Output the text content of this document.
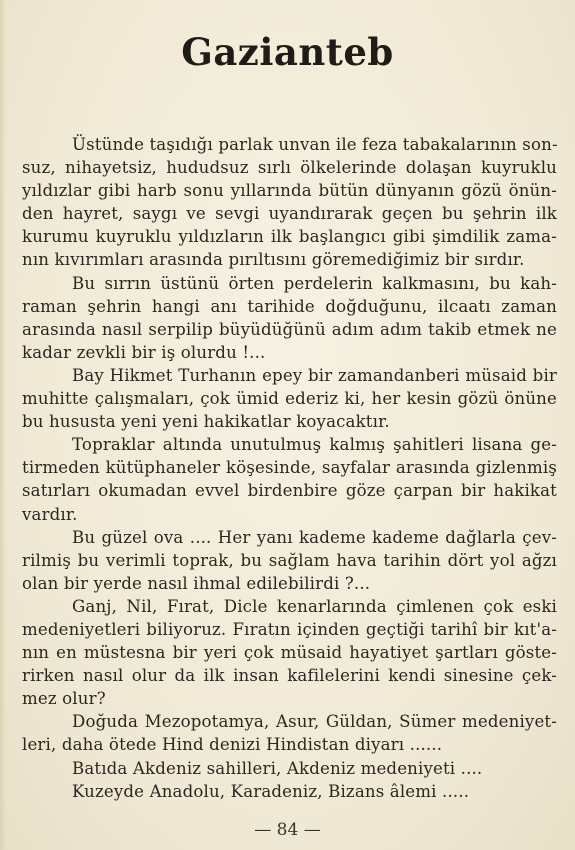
Gazianteb
Üstünde taşıdığı parlak unvan ile feza tabakalarının son-
suz, nihayetsiz, hududsuz sırlı ölkelerinde dolaşan kuyruklu
yıldızlar gibi harb sonu yıllarında bütün dünyanın gözü önün-
den hayret, saygı ve sevgi uyandırarak geçen bu şehrin ilk
kurumu kuyruklu yıldızların ilk başlangıcı gibi şimdilik zama-
nın kıvırımları arasında pırıltısını göremediğimiz bir sırdır.
Bu sırrın üstünü örten perdelerin kalkmasını, bu kah-
raman şehrin hangi anı tarihide doğduğunu, ilcaatı zaman
arasında nasıl serpilip büyüdüğünü adım adım takib etmek ne
kadar zevkli bir iş olurdu !...
Bay Hikmet Turhanın epey bir zamandanberi müsaid bir
muhitte çalışmaları, çok ümid ederiz ki, her kesin gözü önüne
bu hususta yeni yeni hakikatlar koyacaktır.
Topraklar altında unutulmuş kalmış şahitleri lisana ge-
tirmeden kütüphaneler köşesinde, sayfalar arasında gizlenmiş
satırları okumadan evvel birdenbire göze çarpan bir hakikat
vardır.
Bu güzel ova .... Her yanı kademe kademe dağlarla çev-
rilmiş bu verimli toprak, bu sağlam hava tarihin dört yol ağzı
olan bir yerde nasıl ihmal edilebilirdi ?...
Ganj, Nil, Fırat, Dicle kenarlarında çimlenen çok eski
medeniyetleri biliyoruz. Fıratın içinden geçtiği tarihî bir kıt'a-
nın en müstesna bir yeri çok müsaid hayatiyet şartları göste-
rirken nasıl olur da ilk insan kafilelerini kendi sinesine çek-
mez olur?
Doğuda Mezopotamya, Asur, Güldan, Sümer medeniyet-
leri, daha ötede Hind denizi Hindistan diyarı ......
Batıda Akdeniz sahilleri, Akdeniz medeniyeti ....
Kuzeyde Anadolu, Karadeniz, Bizans âlemi .....
— 84 —
